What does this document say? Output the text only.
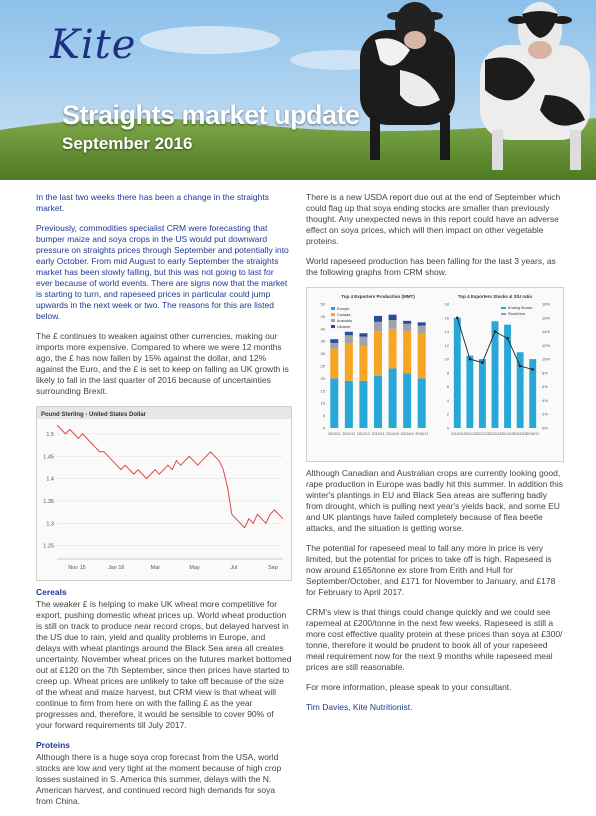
Kite
Straights market update
September 2016

In the last two weeks there has been a change in the straights market.

Previously, commodities specialist CRM were forecasting that bumper maize and soya crops in the US would put downward pressure on straights prices through September and potentially into early October. From mid August to early September the straights market has been slowly falling, but this was not going to last for ever because of world events. There are signs now that the market is starting to turn, and rapeseed prices in particular could jump upwards in the next week or two. The reasons for this are listed below.

The £ continues to weaken against other currencies, making our imports more expensive. Compared to where we were 12 months ago, the £ has now fallen by 15% against the dollar, and 12% against the Euro, and the £ is set to keep on falling as UK growth is likely to fall in the last quarter of 2016 because of uncertainties surrounding Brexit.

Pound Sterling - United States Dollar
1.5
1.45
1.4
1.35
1.3
1.25
Nov 15	Jan 16	Mar	May	Jul	Sep
Cereals

The weaker £ is helping to make UK wheat more competitive for export, pushing domestic wheat prices up. World wheat production is still on track to produce near record crops, but delayed harvest in the US due to rain, yield and quality problems in Europe, and delays with wheat plantings around the Black Sea area all creates uncertainty. November wheat prices on the futures market bottomed out at £120 on the 7th September, since then prices have started to creep up. Wheat prices are unlikely to take off because of the size of the wheat and maize harvest, but CRM view is that wheat will continue to firm from here on with the falling £ as the year progresses and, therefore, it would be sensible to cover 90% of your forward requirements till July 2017.

Proteins

Although there is a huge soya crop forecast from the USA, world stocks are low and very tight at the moment because of high crop losses sustained in S. America this summer, delays with the N. American harvest, and continued record high demands for soya from China.

There is a new USDA report due out at the end of September which could flag up that soya ending stocks are smaller than previously thought. Any unexpected news in this report could have an adverse effect on soya prices, which will then impact on other vegetable proteins.

World rapeseed production has been falling for the last 3 years, as the following graphs from CRM show.

Top 4 Exporters Production (MMT)
50
45
40
35
30
25
20
15
10
5
0
2010/11 2011/12 2012/13 2013/14 2014/15 2015/16 2016/17
Europe
Canada
Australia
Ukraine
Top 4 Exporters Stocks & S/U ratio
18
16
14
12
10
8
6
4
2
0
18%
16%
14%
12%
10%
8%
6%
4%
2%
0%
2010/11 2011/12 2012/13 2013/14 2014/15 2015/16 2016/17
Ending Stocks
Stock/Use

Although Canadian and Australian crops are currently looking good, rape production in Europe was badly hit this summer. In addition this winter's plantings in EU and Black Sea areas are suffering badly from drought, which is pulling next year's yields back, and some EU and UK plantings have failed completely because of flea beetle attacks, and the situation is getting worse.

The potential for rapeseed meal to fall any more in price is very limited, but the potential for prices to take off is high. Rapeseed is now around £165/tonne ex store from Erith and Hull for September/October, and £171 for November to January, and £178 for February to April 2017.

CRM's view is that things could change quickly and we could see rapemeal at £200/tonne in the next few weeks. Rapeseed is still a more cost effective quality protein at these prices than soya at £300/ tonne, therefore it would be prudent to book all of your rapeseed meal requirement now for the next 9 months while rapeseed meal prices are still reasonable.

For more information, please speak to your consultant.

Tim Davies, Kite Nutritionist.
